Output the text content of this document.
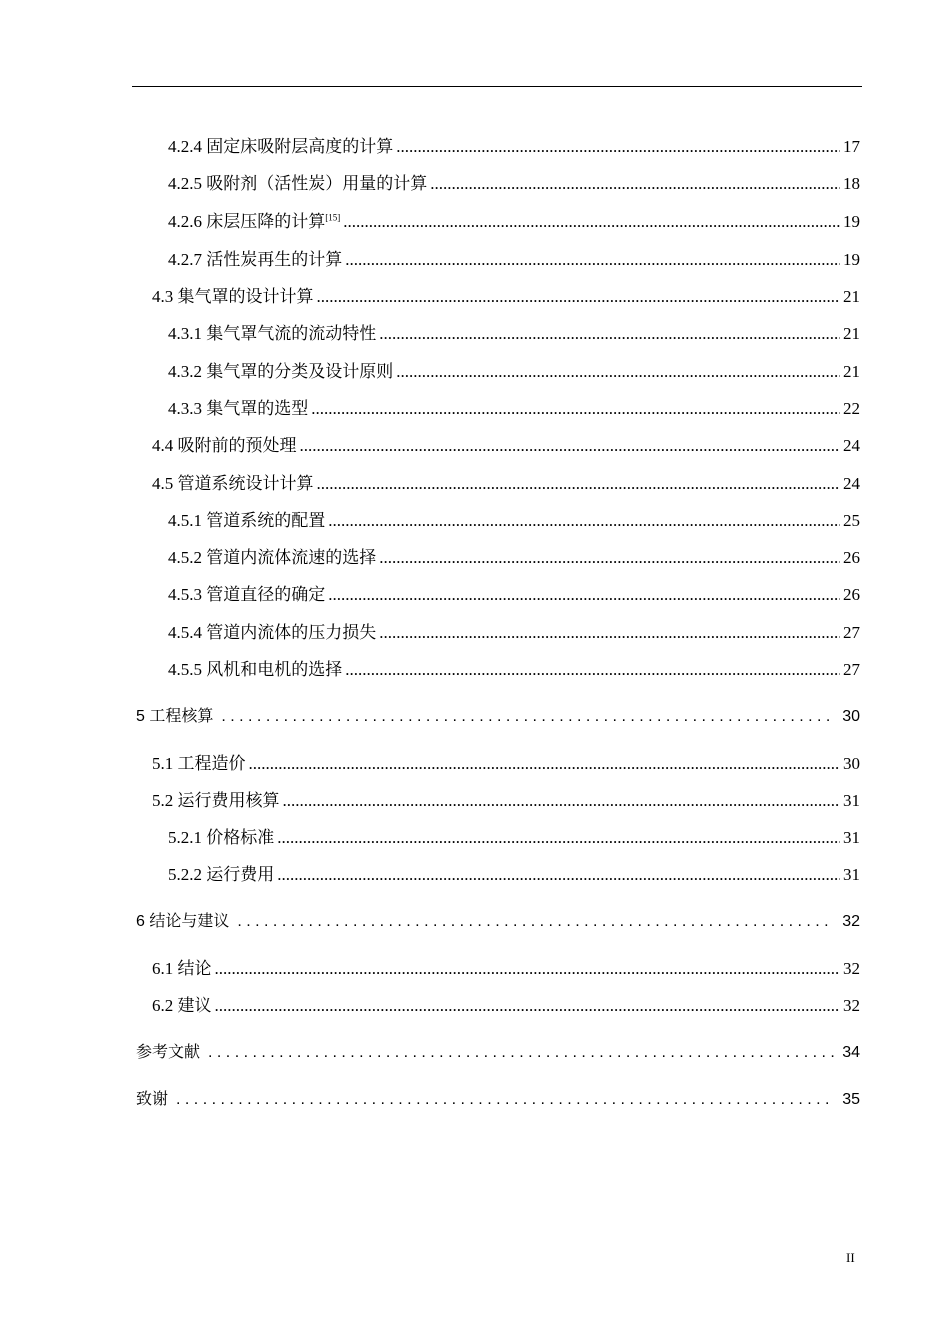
4.2.4 固定床吸附层高度的计算 .....	17
4.2.5 吸附剂（活性炭）用量的计算 .....	18
4.2.6 床层压降的计算[15] .....	19
4.2.7 活性炭再生的计算 .....	19
4.3 集气罩的设计计算 .....	21
4.3.1 集气罩气流的流动特性 .....	21
4.3.2 集气罩的分类及设计原则 .....	21
4.3.3 集气罩的选型 .....	22
4.4 吸附前的预处理 .....	24
4.5 管道系统设计计算 .....	24
4.5.1 管道系统的配置 .....	25
4.5.2 管道内流体流速的选择 .....	26
4.5.3 管道直径的确定 .....	26
4.5.4 管道内流体的压力损失 .....	27
4.5.5 风机和电机的选择 .....	27
5 工程核算 . . .	30
5.1 工程造价 .....	30
5.2 运行费用核算 .....	31
5.2.1 价格标准 .....	31
5.2.2 运行费用 .....	31
6 结论与建议 . . .	32
6.1 结论 .....	32
6.2 建议 .....	32
参考文献 . . .	34
致谢 . . .	35
II
